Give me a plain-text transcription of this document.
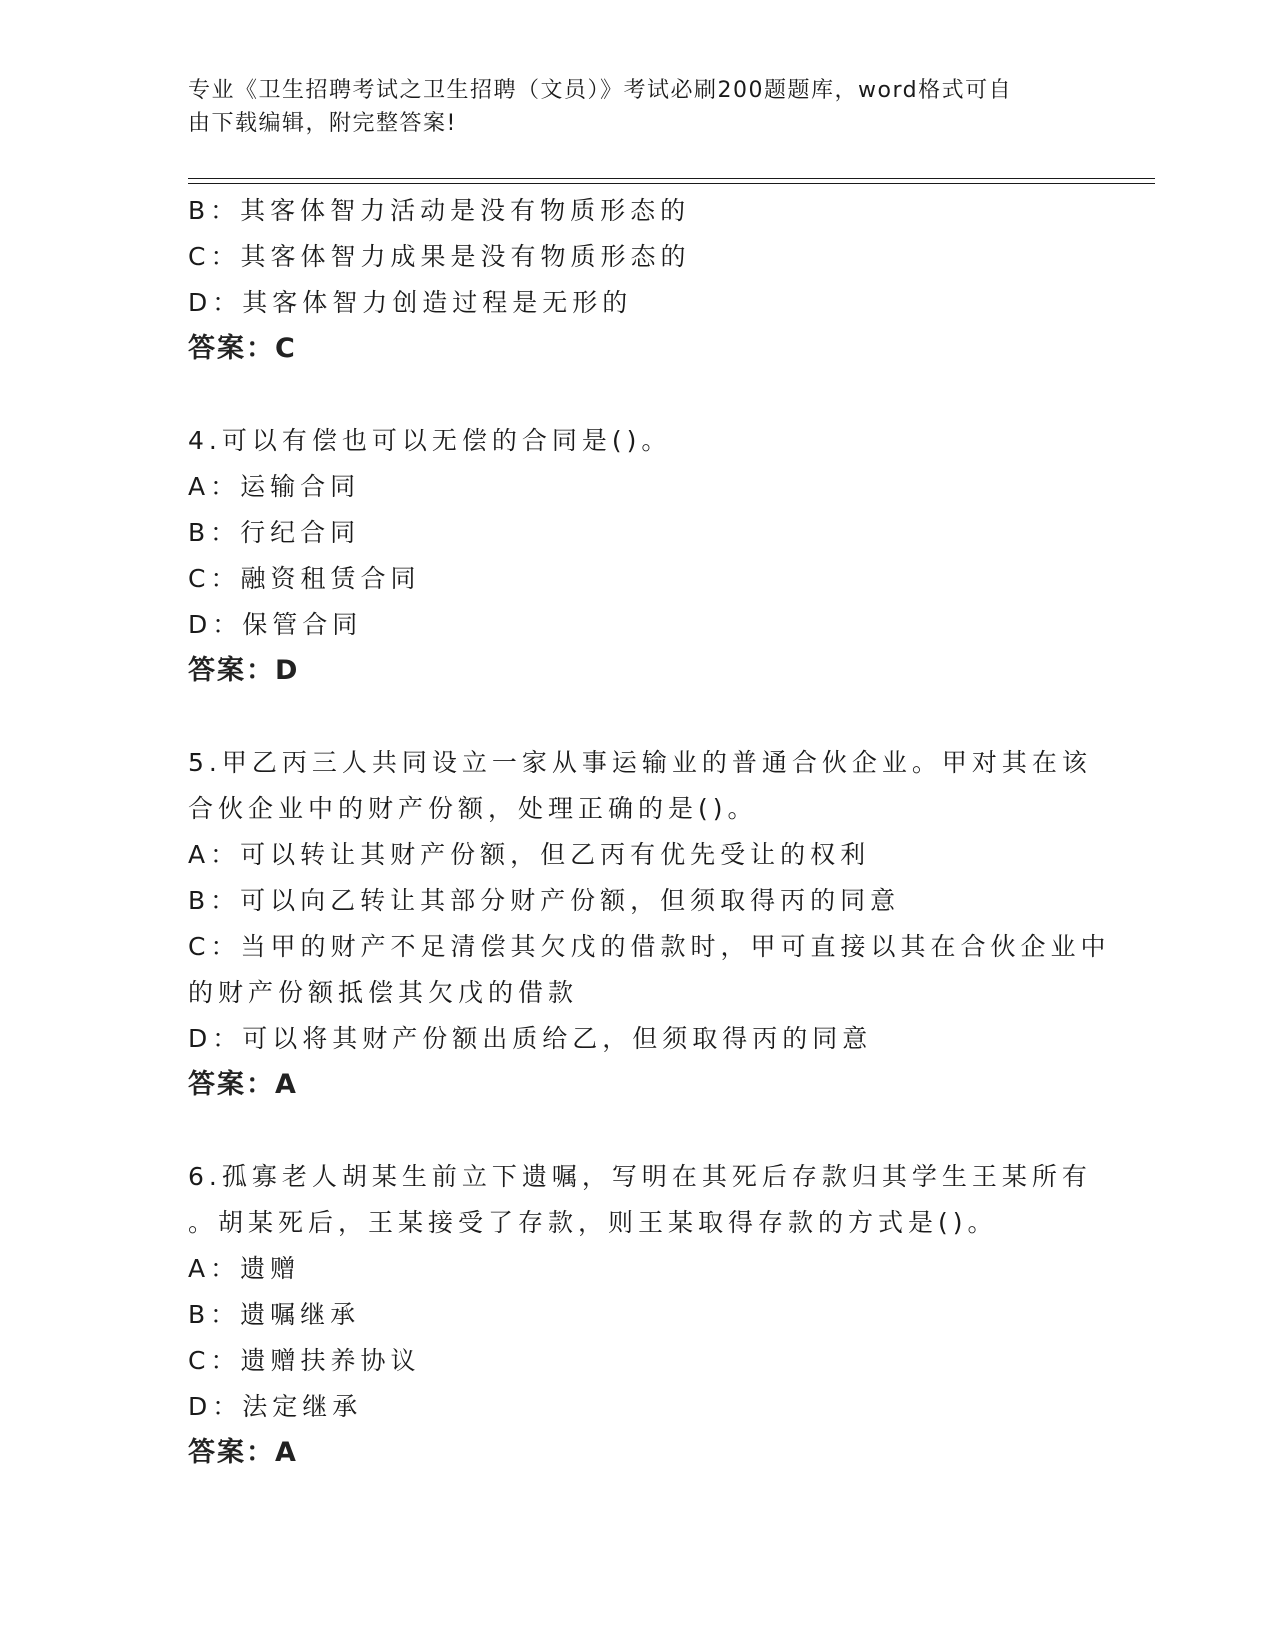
专业《卫生招聘考试之卫生招聘（文员）》考试必刷200题题库，word格式可自
由下载编辑，附完整答案!
B：其客体智力活动是没有物质形态的
C：其客体智力成果是没有物质形态的
D：其客体智力创造过程是无形的
答案：C
4.可以有偿也可以无偿的合同是()。
A：运输合同
B：行纪合同
C：融资租赁合同
D：保管合同
答案：D
5.甲乙丙三人共同设立一家从事运输业的普通合伙企业。甲对其在该
合伙企业中的财产份额，处理正确的是()。
A：可以转让其财产份额，但乙丙有优先受让的权利
B：可以向乙转让其部分财产份额，但须取得丙的同意
C：当甲的财产不足清偿其欠戊的借款时，甲可直接以其在合伙企业中
的财产份额抵偿其欠戊的借款
D：可以将其财产份额出质给乙，但须取得丙的同意
答案：A
6.孤寡老人胡某生前立下遗嘱，写明在其死后存款归其学生王某所有
。胡某死后，王某接受了存款，则王某取得存款的方式是()。
A：遗赠
B：遗嘱继承
C：遗赠扶养协议
D：法定继承
答案：A
